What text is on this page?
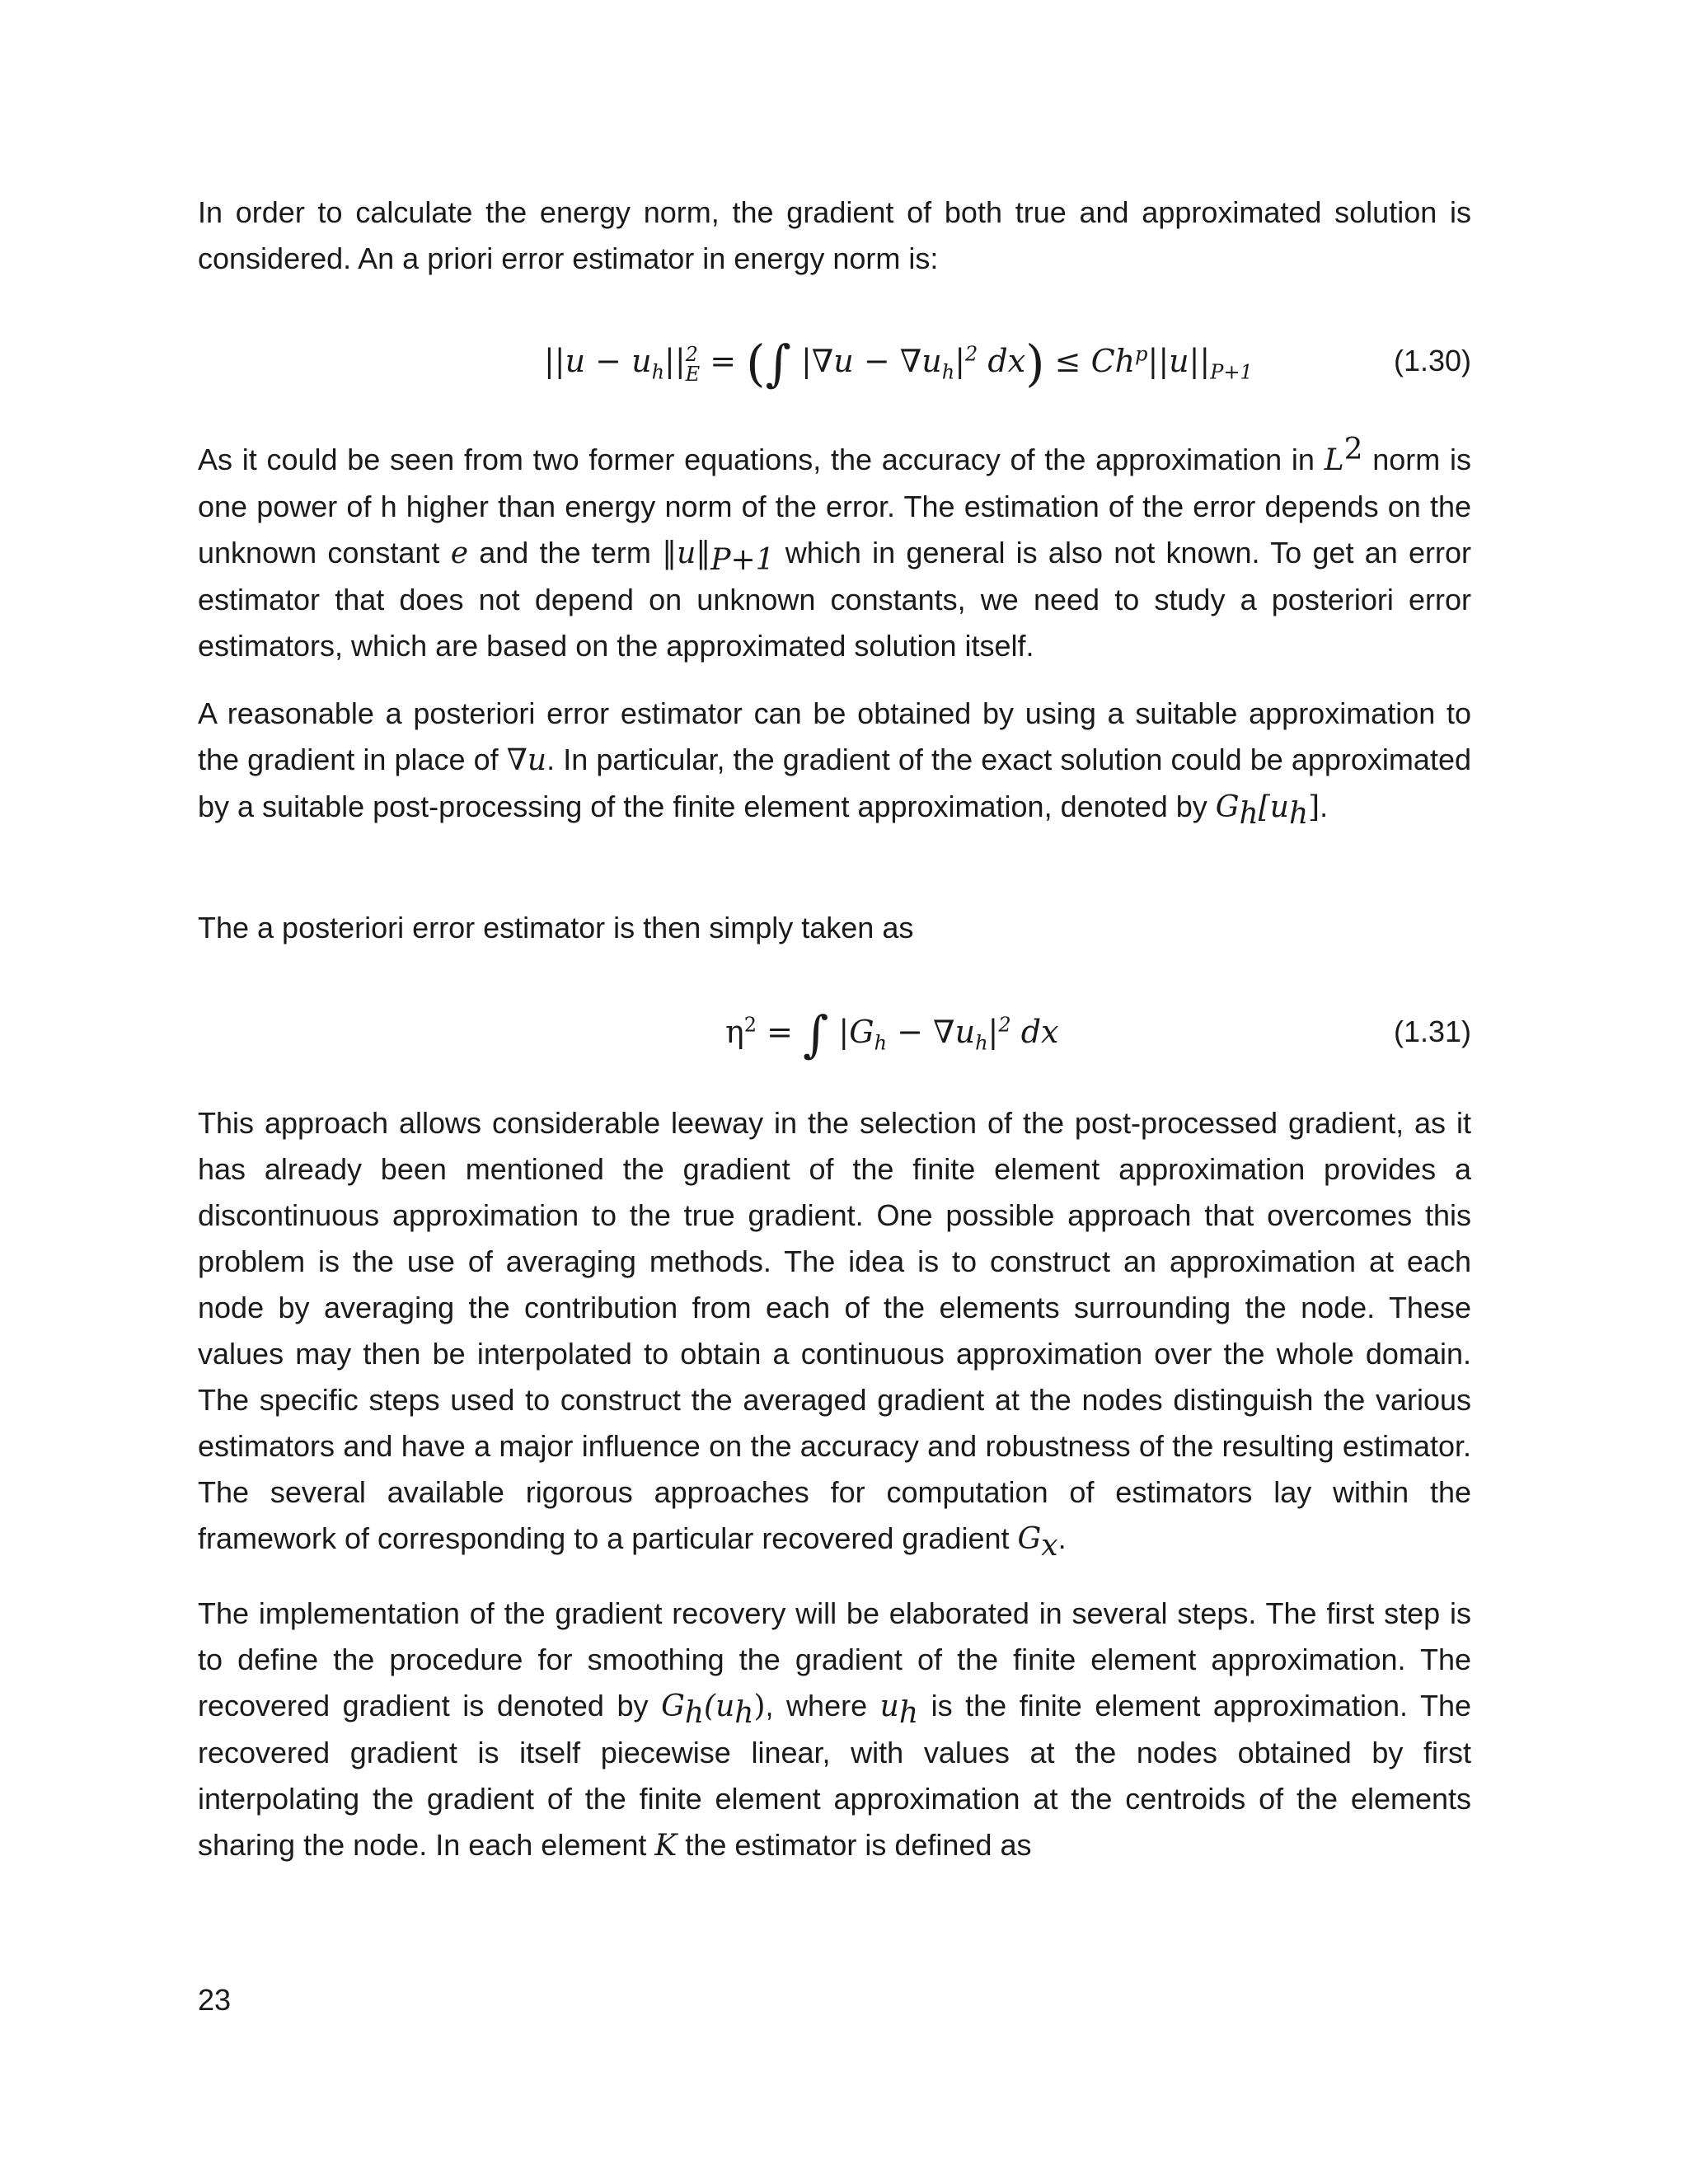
In order to calculate the energy norm, the gradient of both true and approximated solution is considered. An a priori error estimator in energy norm is:

$||u - u_h||$ 2
E = (∫ $|\nabla u - \nabla u_h|^2$ $dx) \le Ch^p||u||_{P+1}$	(1.30)

As it could be seen from two former equations, the accuracy of the approximation in $L^2$ norm is one power of h higher than energy norm of the error. The estimation of the error depends on the unknown constant e and the term $‖u‖_{P+1}$ which in general is also not known. To get an error estimator that does not depend on unknown constants, we need to study a posteriori error estimators, which are based on the approximated solution itself.

A reasonable a posteriori error estimator can be obtained by using a suitable approximation to the gradient in place of ∇u. In particular, the gradient of the exact solution could be approximated by a suitable post-processing of the finite element approximation, denoted by $G_h[u_h]$.

The a posteriori error estimator is then simply taken as

$\eta^2$ = ∫ $|G_h - \nabla u_h|^2$ dx	(1.31)

This approach allows considerable leeway in the selection of the post-processed gradient, as it has already been mentioned the gradient of the finite element approximation provides a discontinuous approximation to the true gradient. One possible approach that overcomes this problem is the use of averaging methods. The idea is to construct an approximation at each node by averaging the contribution from each of the elements surrounding the node. These values may then be interpolated to obtain a continuous approximation over the whole domain. The specific steps used to construct the averaged gradient at the nodes distinguish the various estimators and have a major influence on the accuracy and robustness of the resulting estimator. The several available rigorous approaches for computation of estimators lay within the framework of corresponding to a particular recovered gradient $G_x$.

The implementation of the gradient recovery will be elaborated in several steps. The first step is to define the procedure for smoothing the gradient of the finite element approximation. The recovered gradient is denoted by $G_h(u_h)$, where $u_h$ is the finite element approximation. The recovered gradient is itself piecewise linear, with values at the nodes obtained by first interpolating the gradient of the finite element approximation at the centroids of the elements sharing the node. In each element K the estimator is defined as

23
